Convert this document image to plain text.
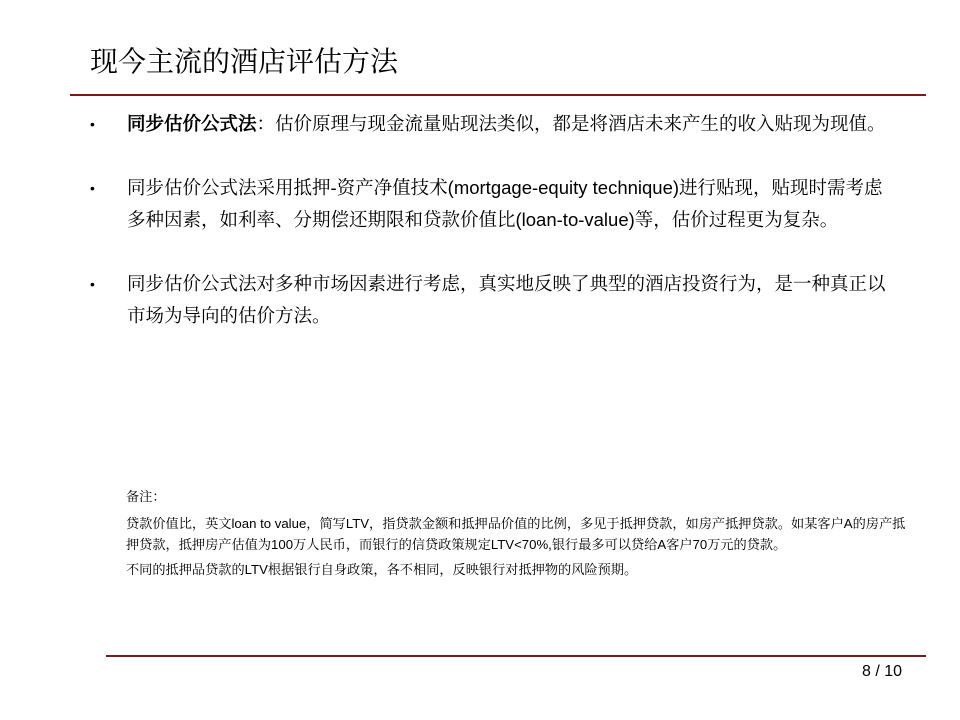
现今主流的酒店评估方法
•	同步估价公式法：估价原理与现金流量贴现法类似，都是将酒店未来产生的收入贴现为现值。
•	同步估价公式法采用抵押-资产净值技术(mortgage-equity technique)进行贴现，贴现时需考虑多种因素，如利率、分期偿还期限和贷款价值比(loan-to-value)等，估价过程更为复杂。
•	同步估价公式法对多种市场因素进行考虑，真实地反映了典型的酒店投资行为，是一种真正以市场为导向的估价方法。

备注：

贷款价值比，英文loan to value，简写LTV，指贷款金额和抵押品价值的比例，多见于抵押贷款，如房产抵押贷款。如某客户A的房产抵押贷款，抵押房产估值为100万人民币，而银行的信贷政策规定LTV<70%,银行最多可以贷给A客户70万元的贷款。

不同的抵押品贷款的LTV根据银行自身政策，各不相同，反映银行对抵押物的风险预期。

8 / 10
